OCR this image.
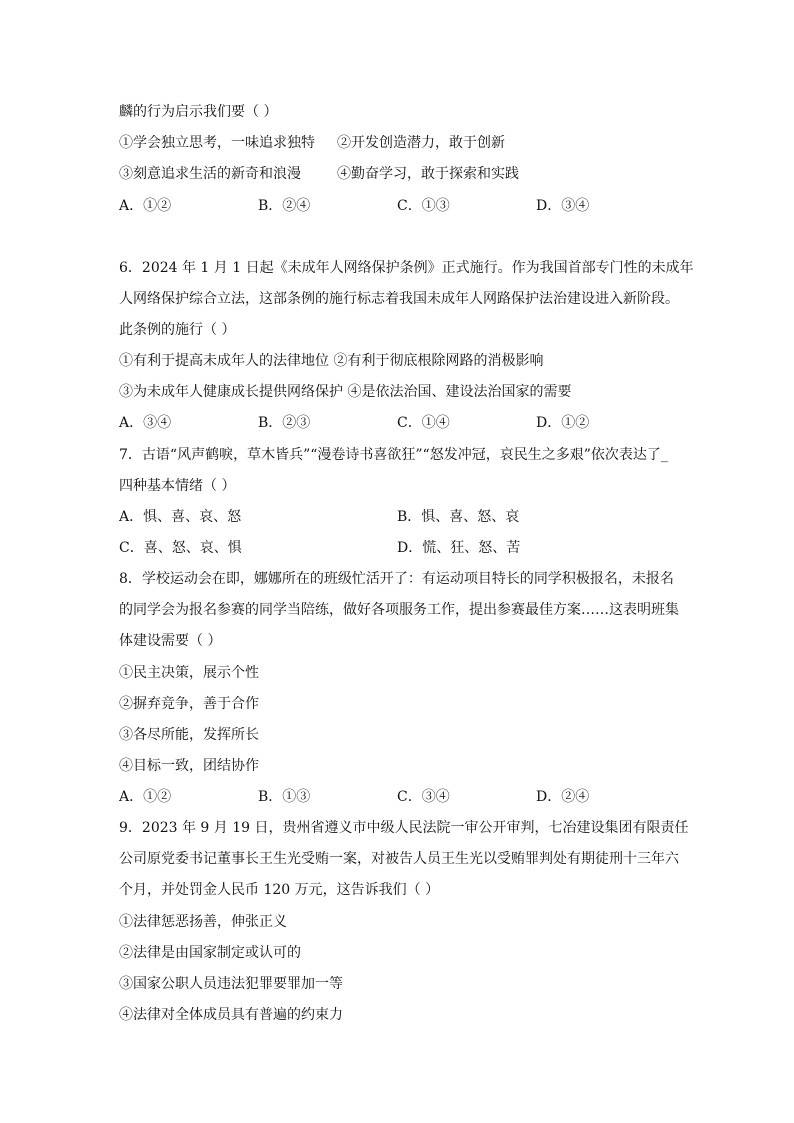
麟的行为启示我们要（ ）
①学会独立思考，一味追求独特 ②开发创造潜力，敢于创新
③刻意追求生活的新奇和浪漫	④勤奋学习，敢于探索和实践
A．①②	B．②④	C．①③	D．③④
6．2024 年 1 月 1 日起《未成年人网络保护条例》正式施行。作为我国首部专门性的未成年
人网络保护综合立法，这部条例的施行标志着我国未成年人网路保护法治建设进入新阶段。
此条例的施行（ ）
①有利于提高未成年人的法律地位 ②有利于彻底根除网路的消极影响
③为未成年人健康成长提供网络保护 ④是依法治国、建设法治国家的需要
A．③④	B．②③	C．①④	D．①②
7．古语“风声鹤唳，草木皆兵”“漫卷诗书喜欲狂”“怒发冲冠，哀民生之多艰”依次表达了_
四种基本情绪（ ）
A．惧、喜、哀、怒	B．惧、喜、怒、哀
C．喜、怒、哀、惧	D．慌、狂、怒、苦
8．学校运动会在即，娜娜所在的班级忙活开了：有运动项目特长的同学积极报名，未报名
的同学会为报名参赛的同学当陪练，做好各项服务工作，提出参赛最佳方案……这表明班集
体建设需要（ ）
①民主决策，展示个性
②摒弃竞争，善于合作
③各尽所能，发挥所长
④目标一致，团结协作
A．①②	B．①③	C．③④	D．②④
9．2023 年 9 月 19 日，贵州省遵义市中级人民法院一审公开审判，七冶建设集团有限责任
公司原党委书记董事长王生光受贿一案，对被告人员王生光以受贿罪判处有期徒刑十三年六
个月，并处罚金人民币 120 万元，这告诉我们（ ）
①法律惩恶扬善，伸张正义
②法律是由国家制定或认可的
③国家公职人员违法犯罪要罪加一等
④法律对全体成员具有普遍的约束力
